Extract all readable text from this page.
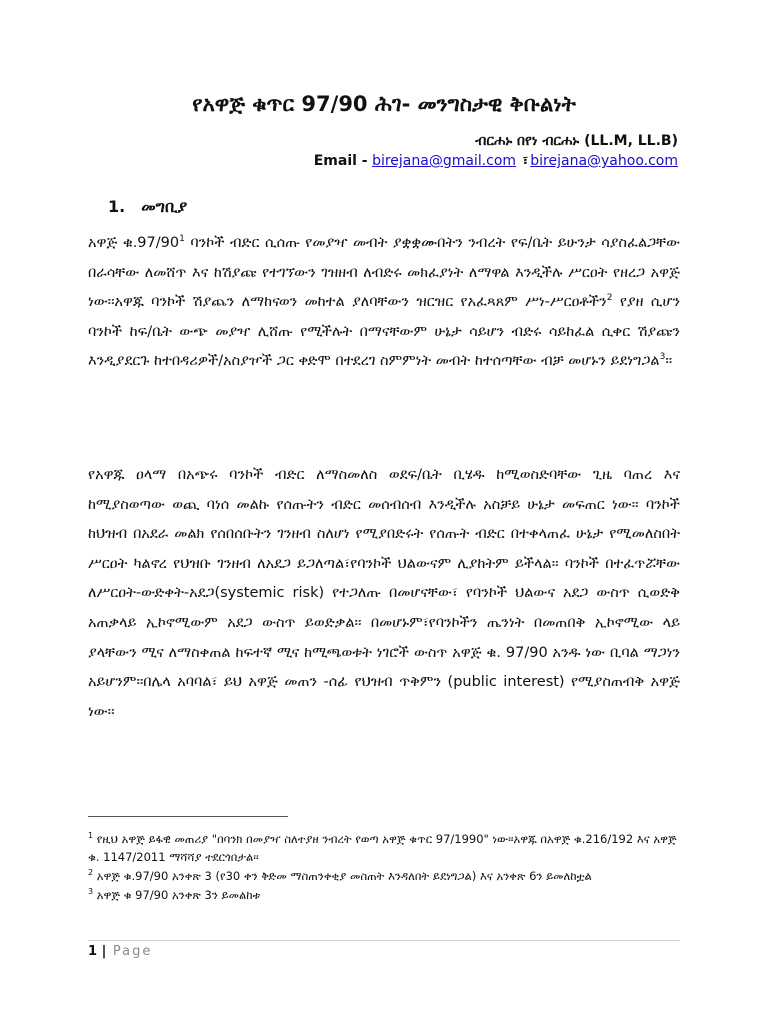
የአዋጅ ቁጥር 97/90 ሕገ- መንግስታዊ ቅቡልነት
ብርሐኑ በየነ ብርሐኑ (LL.M, LL.B)
Email - birejana@gmail.com ፣ birejana@yahoo.com
1. መግቢያ

አዋጅ $ቁ.97/90^1$ ባንኮች ብድር ሲሰጡ የመያዣ መብት ያቋቋሙበትን ንብረት የፍ/ቤት ይሁንታ ሳያስፈልጋቸው በራሳቸው ለመሸጥ እና ከሽያጩ የተገኘውን ገዝዘብ ለብድሩ መክፈያነት ለማዋል እንዲችሉ ሥርዐት የዘረጋ አዋጅ ነው፡፡አዋጁ ባንኮች ሽያጨን ለማከናወን መከተል ያለባቸውን ዝርዝር የአፈጻጸም ሥነ-ሥርዐቶችን$^2$ የያዘ ሲሆን ባንኮች ከፍ/ቤት ውጭ መያዣ ሊሸጡ የሚችሉት በማናቸውም ሁኔታ ሳይሆን ብድሩ ሳይከፈል ሲቀር ሽያጩን እንዲያደርጉ ከተበዳሪዎች/አስያዦች ጋር ቀድሞ በተደረገ ስምምነት መብት ከተሰጣቸው ብቻ መሆኑን ይደነግጋል$^3$፡፡

የአዋጁ ዐላማ በአጭሩ ባንኮች ብድር ለማስመለስ ወደፍ/ቤት ቢሄዱ ከሚወስድባቸው ጊዜ ባጠረ እና ከሚያስወጣው ወጪ ባነሰ መልኩ የሰጡትን ብድር መሰብሰብ እንዲችሉ አስቻይ ሁኔታ መፍጠር ነው፡፡ ባንኮች ከህዝብ በአደራ መልክ የሰበሰቡትን ገንዘብ ስለሆነ የሚያበድሩት የሰጡት ብድር በተቀላጠፈ ሁኔታ የሚመለስበት ሥርዐት ካልኖረ የህዝቡ ገንዘብ ለአደጋ ይጋለጣል፣የባንኮች ህልውናም ሊያከትም ይችላል፡፡ ባንኮች በተፈጥሯቸው ለሥርዐት-ውድቀት-አደጋ(systemic risk) የተጋለጡ በመሆናቸው፣ የባንኮች ህልውና አደጋ ውስጥ ሲወድቅ አጠቃላይ ኢኮኖሚውም አደጋ ውስጥ ይወድቃል፡፡ በመሆኑም፣የባንኮችን ጤንነት በመጠበቅ ኢኮኖሚው ላይ ያላቸውን ሚና ለማስቀጠል ከፍተኛ ሚና ከሚጫወቱት ነገሮች ውስጥ አዋጅ ቁ. 97/90 አንዱ ነው ቢባል ማጋነን አይሆንም፡፡በሌላ አባባል፣ ይህ አዋጅ መጠን -ሰፊ የህዝብ ጥቅምን (public interest) የሚያስጠብቅ አዋጅ ነው፡፡

$^1$ የዚህ አዋጅ ይፋዊ መጠሪያ "በባንክ በመያዣ ስለተያዘ ንብረት የወጣ አዋጅ ቁጥር 97/1990" ነው፡፡አዋጁ በአዋጅ ቁ.216/192 እና አዋጅ ቁ. 1147/2011 ማሻሻያ ተደርጎበታል፡፡

$^2$ አዋጅ ቁ.97/90 አንቀጽ 3 (የ30 ቀን ቅድመ ማስጠንቀቂያ መስጠት እንዳለበት ይደነግጋል) እና አንቀጽ 6ን ይመለከቷል

$^3$ አዋጅ ቁ 97/90 አንቀጽ 3ን ይመልከቱ

1 | Page
